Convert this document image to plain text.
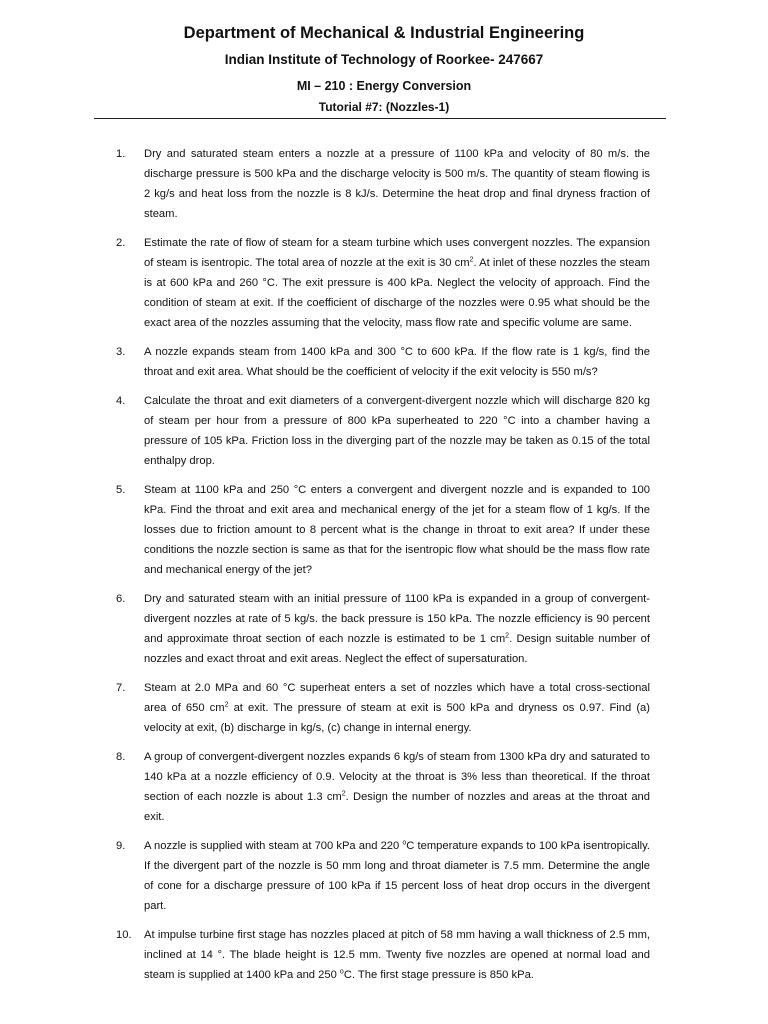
Department of Mechanical & Industrial Engineering
Indian Institute of Technology of Roorkee- 247667
MI – 210 : Energy Conversion
Tutorial #7: (Nozzles-1)
1. Dry and saturated steam enters a nozzle at a pressure of 1100 kPa and velocity of 80 m/s. the discharge pressure is 500 kPa and the discharge velocity is 500 m/s. The quantity of steam flowing is 2 kg/s and heat loss from the nozzle is 8 kJ/s. Determine the heat drop and final dryness fraction of steam.
2. Estimate the rate of flow of steam for a steam turbine which uses convergent nozzles. The expansion of steam is isentropic. The total area of nozzle at the exit is 30 $cm^2$. At inlet of these nozzles the steam is at 600 kPa and 260 °C. The exit pressure is 400 kPa. Neglect the velocity of approach. Find the condition of steam at exit. If the coefficient of discharge of the nozzles were 0.95 what should be the exact area of the nozzles assuming that the velocity, mass flow rate and specific volume are same.
3. A nozzle expands steam from 1400 kPa and 300 °C to 600 kPa. If the flow rate is 1 kg/s, find the throat and exit area. What should be the coefficient of velocity if the exit velocity is 550 m/s?
4. Calculate the throat and exit diameters of a convergent-divergent nozzle which will discharge 820 kg of steam per hour from a pressure of 800 kPa superheated to 220 °C into a chamber having a pressure of 105 kPa. Friction loss in the diverging part of the nozzle may be taken as 0.15 of the total enthalpy drop.
5. Steam at 1100 kPa and 250 °C enters a convergent and divergent nozzle and is expanded to 100 kPa. Find the throat and exit area and mechanical energy of the jet for a steam flow of 1 kg/s. If the losses due to friction amount to 8 percent what is the change in throat to exit area? If under these conditions the nozzle section is same as that for the isentropic flow what should be the mass flow rate and mechanical energy of the jet?
6. Dry and saturated steam with an initial pressure of 1100 kPa is expanded in a group of convergent- divergent nozzles at rate of 5 kg/s. the back pressure is 150 kPa. The nozzle efficiency is 90 percent and approximate throat section of each nozzle is estimated to be 1 $cm^2$. Design suitable number of nozzles and exact throat and exit areas. Neglect the effect of supersaturation.
7. Steam at 2.0 MPa and 60 °C superheat enters a set of nozzles which have a total cross-sectional area of 650 $cm^2$ at exit. The pressure of steam at exit is 500 kPa and dryness os 0.97. Find (a) velocity at exit, (b) discharge in kg/s, (c) change in internal energy.
8. A group of convergent-divergent nozzles expands 6 kg/s of steam from 1300 kPa dry and saturated to 140 kPa at a nozzle efficiency of 0.9. Velocity at the throat is 3% less than theoretical. If the throat section of each nozzle is about 1.3 $cm^2$. Design the number of nozzles and areas at the throat and exit.
9. A nozzle is supplied with steam at 700 kPa and 220 $^o$C temperature expands to 100 kPa isentropically. If the divergent part of the nozzle is 50 mm long and throat diameter is 7.5 mm. Determine the angle of cone for a discharge pressure of 100 kPa if 15 percent loss of heat drop occurs in the divergent part.
10. At impulse turbine first stage has nozzles placed at pitch of 58 mm having a wall thickness of 2.5 mm, inclined at 14 °. The blade height is 12.5 mm. Twenty five nozzles are opened at normal load and steam is supplied at 1400 kPa and 250 $^o$C. The first stage pressure is 850 kPa.
